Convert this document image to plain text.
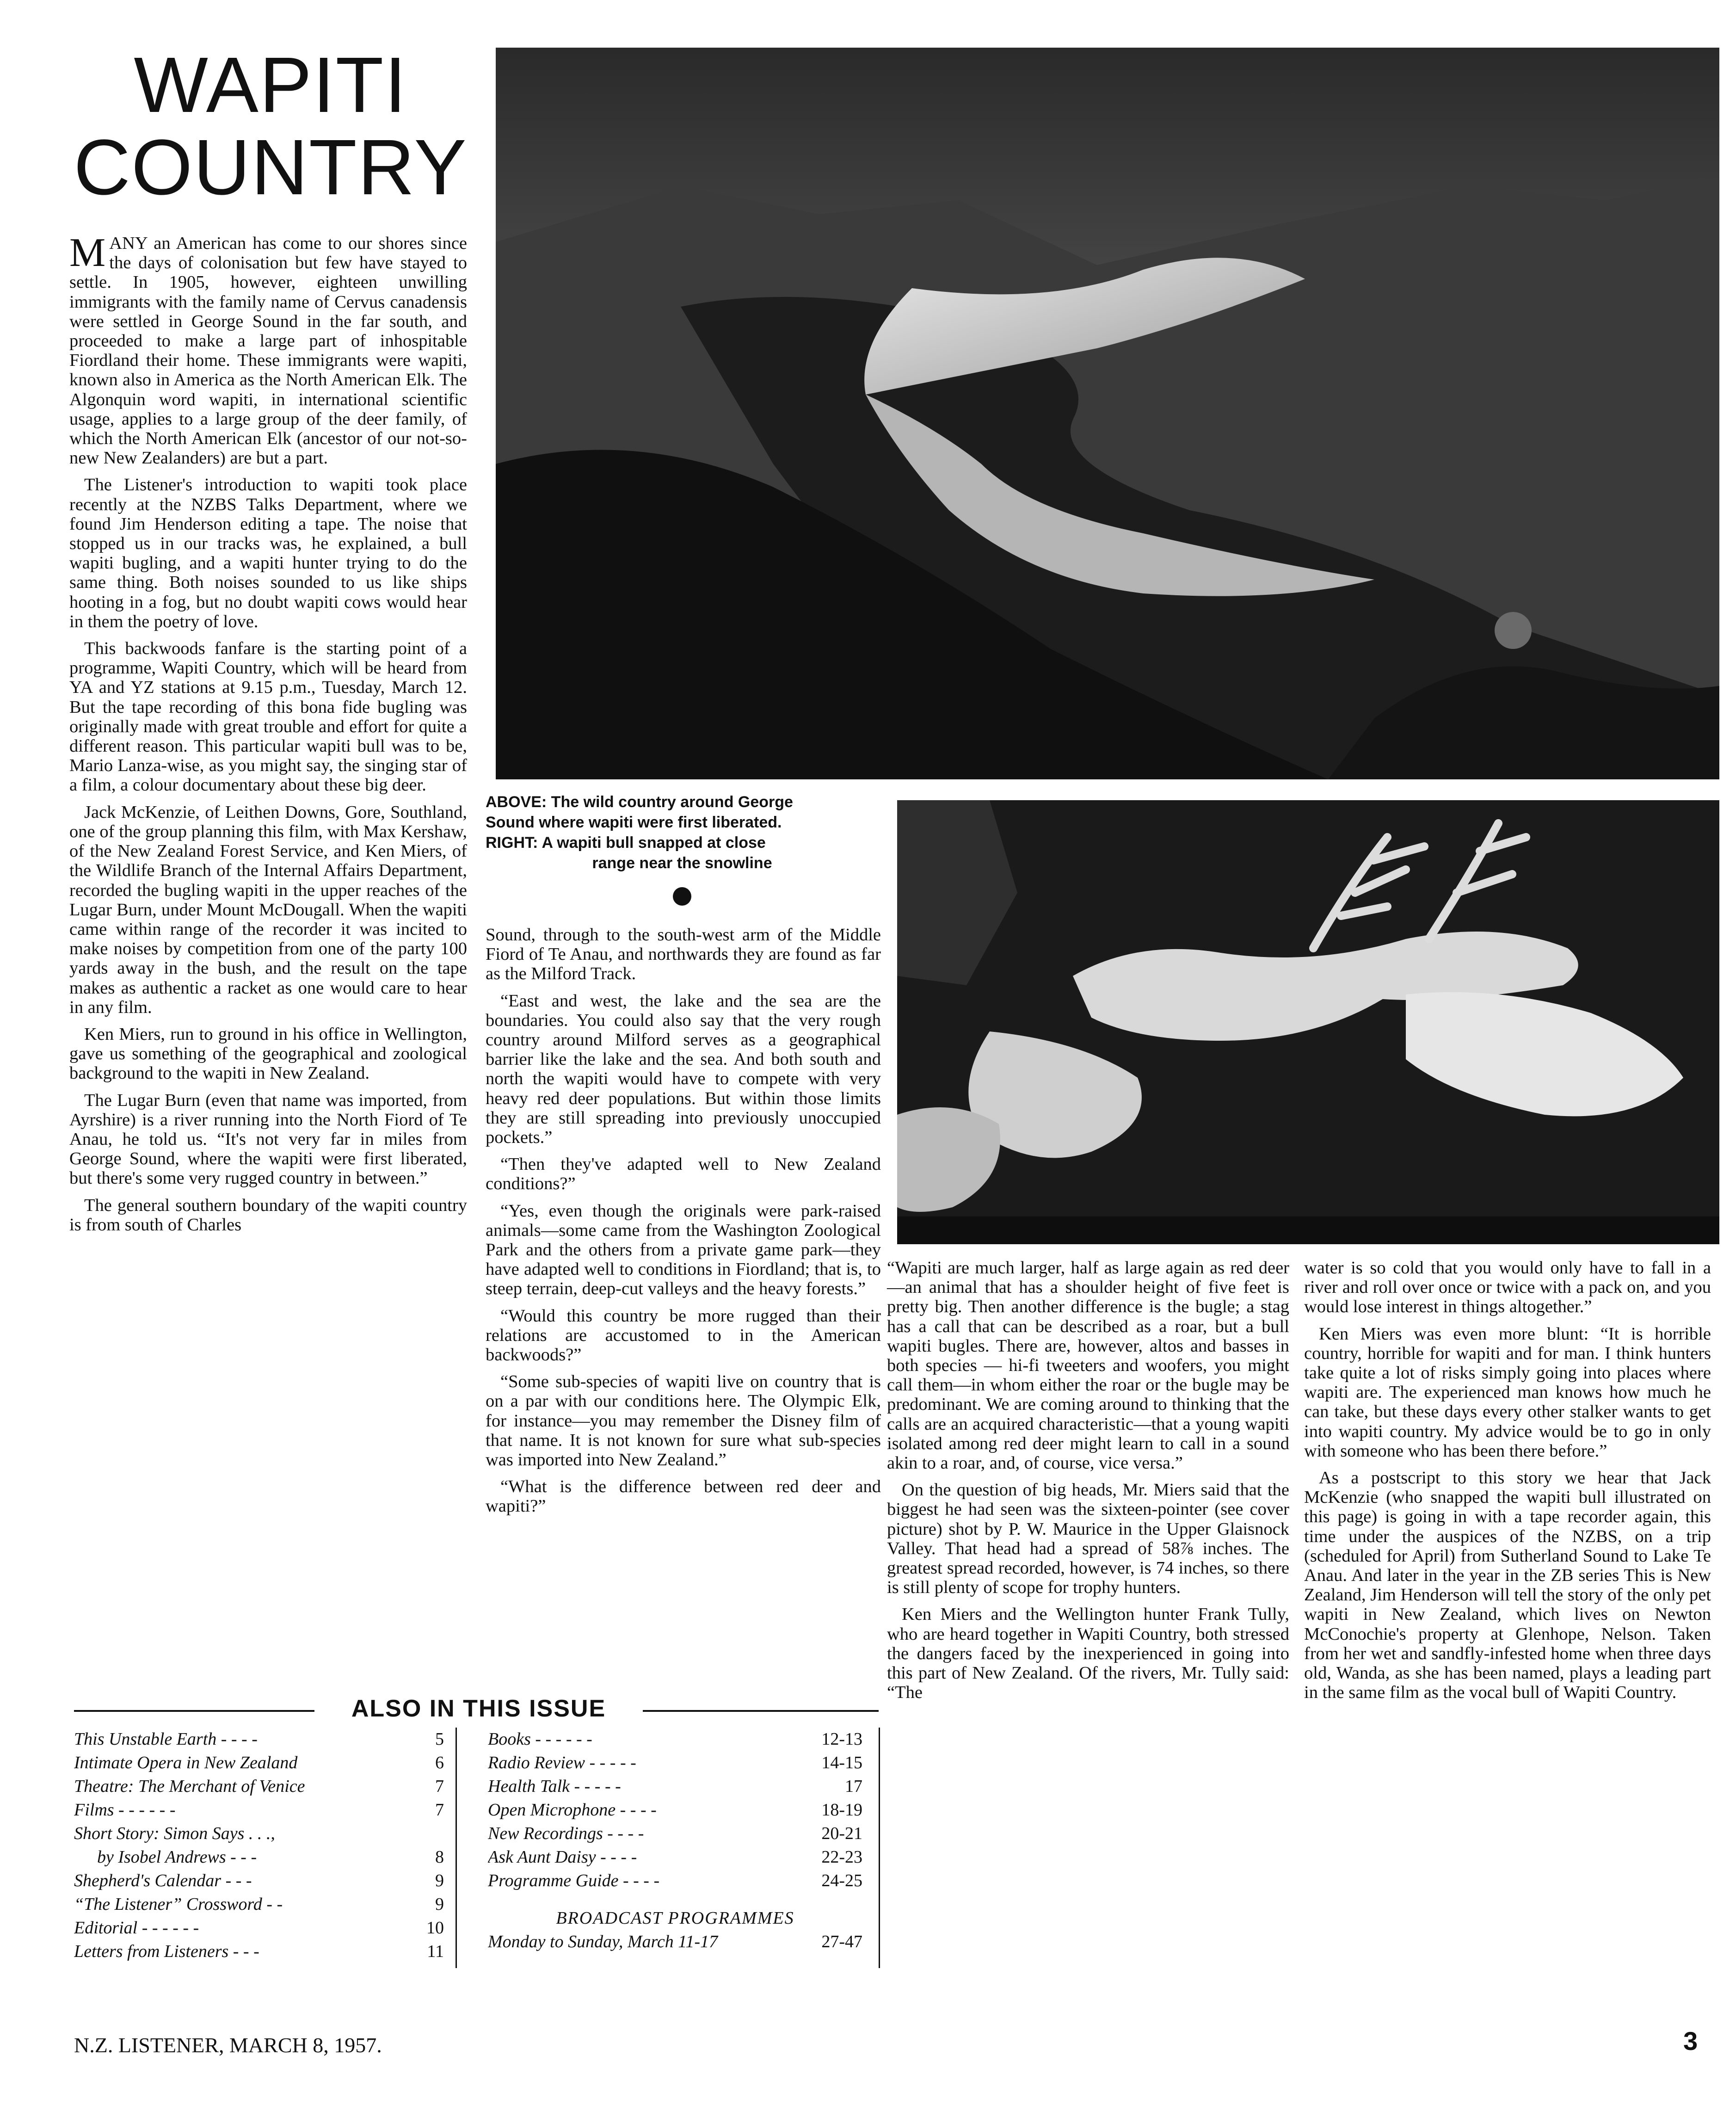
WAPITI
COUNTRY

MANY an American has come to our shores since the days of colonisation but few have stayed to settle. In 1905, however, eighteen unwilling immigrants with the family name of Cervus canadensis were settled in George Sound in the far south, and proceeded to make a large part of inhospitable Fiordland their home. These immigrants were wapiti, known also in America as the North American Elk. The Algonquin word wapiti, in international scientific usage, applies to a large group of the deer family, of which the North American Elk (ancestor of our not-so-new New Zealanders) are but a part.

The Listener's introduction to wapiti took place recently at the NZBS Talks Department, where we found Jim Henderson editing a tape. The noise that stopped us in our tracks was, he explained, a bull wapiti bugling, and a wapiti hunter trying to do the same thing. Both noises sounded to us like ships hooting in a fog, but no doubt wapiti cows would hear in them the poetry of love.

This backwoods fanfare is the starting point of a programme, Wapiti Country, which will be heard from YA and YZ stations at 9.15 p.m., Tuesday, March 12. But the tape recording of this bona fide bugling was originally made with great trouble and effort for quite a different reason. This particular wapiti bull was to be, Mario Lanza-wise, as you might say, the singing star of a film, a colour documentary about these big deer.

Jack McKenzie, of Leithen Downs, Gore, Southland, one of the group planning this film, with Max Kershaw, of the New Zealand Forest Service, and Ken Miers, of the Wildlife Branch of the Internal Affairs Department, recorded the bugling wapiti in the upper reaches of the Lugar Burn, under Mount McDougall. When the wapiti came within range of the recorder it was incited to make noises by competition from one of the party 100 yards away in the bush, and the result on the tape makes as authentic a racket as one would care to hear in any film.

Ken Miers, run to ground in his office in Wellington, gave us something of the geographical and zoological background to the wapiti in New Zealand.

The Lugar Burn (even that name was imported, from Ayrshire) is a river running into the North Fiord of Te Anau, he told us. “It's not very far in miles from George Sound, where the wapiti were first liberated, but there's some very rugged country in between.”

The general southern boundary of the wapiti country is from south of Charles

ABOVE: The wild country around George
Sound where wapiti were first liberated.
RIGHT: A wapiti bull snapped at close
range near the snowline

Sound, through to the south-west arm of the Middle Fiord of Te Anau, and northwards they are found as far as the Milford Track.

“East and west, the lake and the sea are the boundaries. You could also say that the very rough country around Milford serves as a geographical barrier like the lake and the sea. And both south and north the wapiti would have to compete with very heavy red deer populations. But within those limits they are still spreading into previously unoccupied pockets.”

“Then they've adapted well to New Zealand conditions?”

“Yes, even though the originals were park-raised animals—some came from the Washington Zoological Park and the others from a private game park—they have adapted well to conditions in Fiordland; that is, to steep terrain, deep-cut valleys and the heavy forests.”

“Would this country be more rugged than their relations are accustomed to in the American backwoods?”

“Some sub-species of wapiti live on country that is on a par with our conditions here. The Olympic Elk, for instance—you may remember the Disney film of that name. It is not known for sure what sub-species was imported into New Zealand.”

“What is the difference between red deer and wapiti?”

“Wapiti are much larger, half as large again as red deer—an animal that has a shoulder height of five feet is pretty big. Then another difference is the bugle; a stag has a call that can be described as a roar, but a bull wapiti bugles. There are, however, altos and basses in both species — hi-fi tweeters and woofers, you might call them—in whom either the roar or the bugle may be predominant. We are coming around to thinking that the calls are an acquired characteristic—that a young wapiti isolated among red deer might learn to call in a sound akin to a roar, and, of course, vice versa.”

On the question of big heads, Mr. Miers said that the biggest he had seen was the sixteen-pointer (see cover picture) shot by P. W. Maurice in the Upper Glaisnock Valley. That head had a spread of 58⅞ inches. The greatest spread recorded, however, is 74 inches, so there is still plenty of scope for trophy hunters.

Ken Miers and the Wellington hunter Frank Tully, who are heard together in Wapiti Country, both stressed the dangers faced by the inexperienced in going into this part of New Zealand. Of the rivers, Mr. Tully said: “The

water is so cold that you would only have to fall in a river and roll over once or twice with a pack on, and you would lose interest in things altogether.”

Ken Miers was even more blunt: “It is horrible country, horrible for wapiti and for man. I think hunters take quite a lot of risks simply going into places where wapiti are. The experienced man knows how much he can take, but these days every other stalker wants to get into wapiti country. My advice would be to go in only with someone who has been there before.”

As a postscript to this story we hear that Jack McKenzie (who snapped the wapiti bull illustrated on this page) is going in with a tape recorder again, this time under the auspices of the NZBS, on a trip (scheduled for April) from Sutherland Sound to Lake Te Anau. And later in the year in the ZB series This is New Zealand, Jim Henderson will tell the story of the only pet wapiti in New Zealand, which lives on Newton McConochie's property at Glenhope, Nelson. Taken from her wet and sandfly-infested home when three days old, Wanda, as she has been named, plays a leading part in the same film as the vocal bull of Wapiti Country.

ALSO IN THIS ISSUE
This Unstable Earth - - - -	5
Intimate Opera in New Zealand	6
Theatre: The Merchant of Venice	7
Films - - - - - -	7
Short Story: Simon Says . . .,
by Isobel Andrews - - -	8
Shepherd's Calendar - - -	9
“The Listener” Crossword - -	9
Editorial - - - - - -	10
Letters from Listeners - - -	11
Books - - - - - -	12-13
Radio Review - - - - -	14-15
Health Talk - - - - -	17
Open Microphone - - - -	18-19
New Recordings - - - -	20-21
Ask Aunt Daisy - - - -	22-23
Programme Guide - - - -	24-25
BROADCAST PROGRAMMES
Monday to Sunday, March 11-17	27-47
N.Z. LISTENER, MARCH 8, 1957.	3
